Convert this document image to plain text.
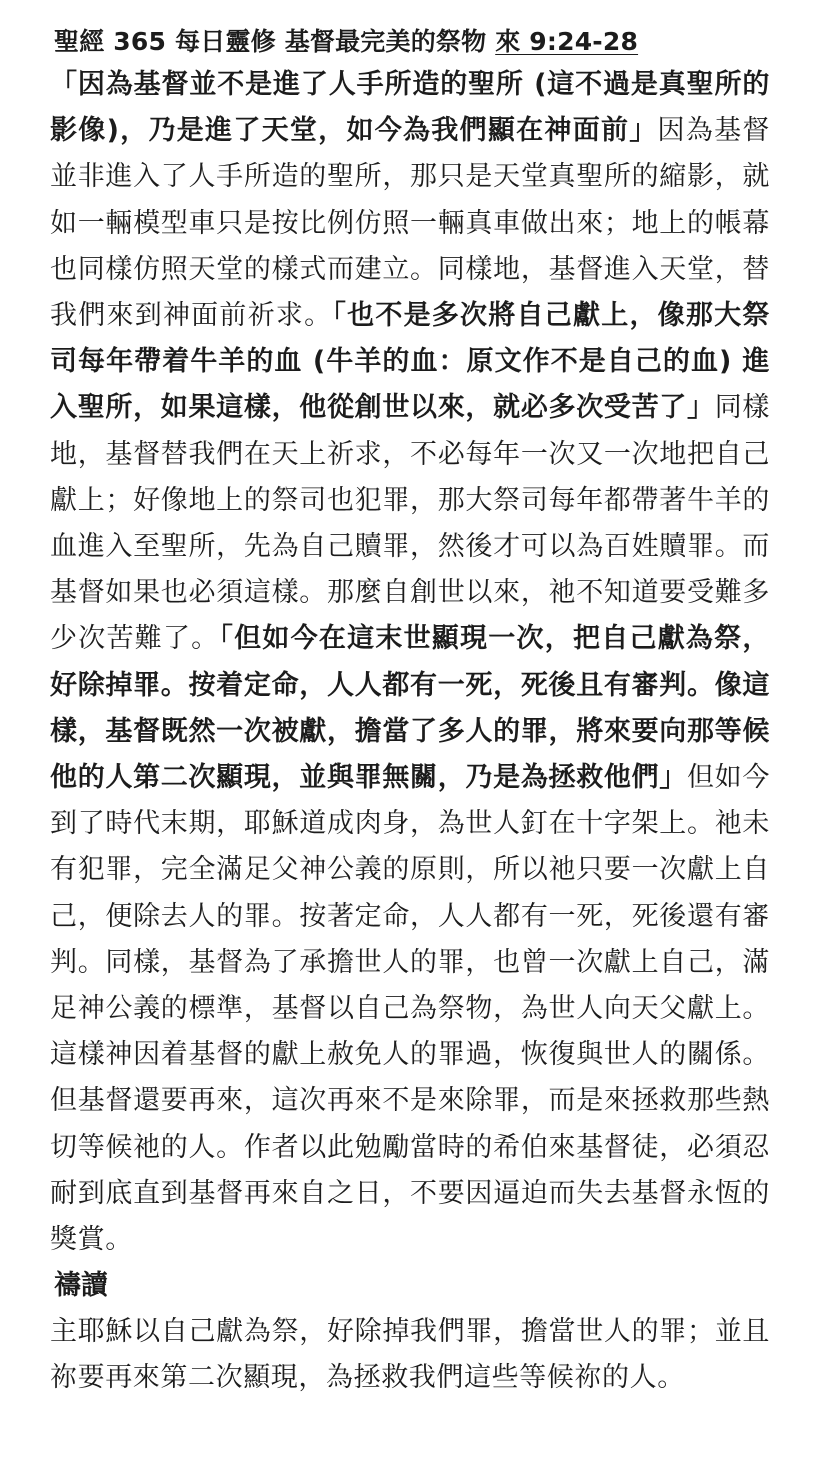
聖經 365 每日靈修 基督最完美的祭物 來 9:24-28

「因為基督並不是進了人手所造的聖所 (這不過是真聖所的影像)，乃是進了天堂，如今為我們顯在神面前」因為基督並非進入了人手所造的聖所，那只是天堂真聖所的縮影，就如一輛模型車只是按比例仿照一輛真車做出來；地上的帳幕也同樣仿照天堂的樣式而建立。同樣地，基督進入天堂，替我們來到神面前祈求。「也不是多次將自己獻上，像那大祭司每年帶着牛羊的血 (牛羊的血：原文作不是自己的血) 進入聖所，如果這樣，他從創世以來，就必多次受苦了」同樣地，基督替我們在天上祈求，不必每年一次又一次地把自己獻上；好像地上的祭司也犯罪，那大祭司每年都帶著牛羊的血進入至聖所，先為自己贖罪，然後才可以為百姓贖罪。而基督如果也必須這樣。那麼自創世以來，祂不知道要受難多少次苦難了。「但如今在這末世顯現一次，把自己獻為祭，好除掉罪。按着定命，人人都有一死，死後且有審判。像這樣，基督既然一次被獻，擔當了多人的罪，將來要向那等候他的人第二次顯現，並與罪無關，乃是為拯救他們」但如今到了時代末期，耶穌道成肉身，為世人釘在十字架上。祂未有犯罪，完全滿足父神公義的原則，所以祂只要一次獻上自己，便除去人的罪。按著定命，人人都有一死，死後還有審判。同樣，基督為了承擔世人的罪，也曾一次獻上自己，滿足神公義的標準，基督以自己為祭物，為世人向天父獻上。這樣神因着基督的獻上赦免人的罪過，恢復與世人的關係。但基督還要再來，這次再來不是來除罪，而是來拯救那些熱切等候祂的人。作者以此勉勵當時的希伯來基督徒，必須忍耐到底直到基督再來自之日，不要因逼迫而失去基督永恆的獎賞。

禱讀

主耶穌以自己獻為祭，好除掉我們罪，擔當世人的罪；並且祢要再來第二次顯現，為拯救我們這些等候祢的人。
